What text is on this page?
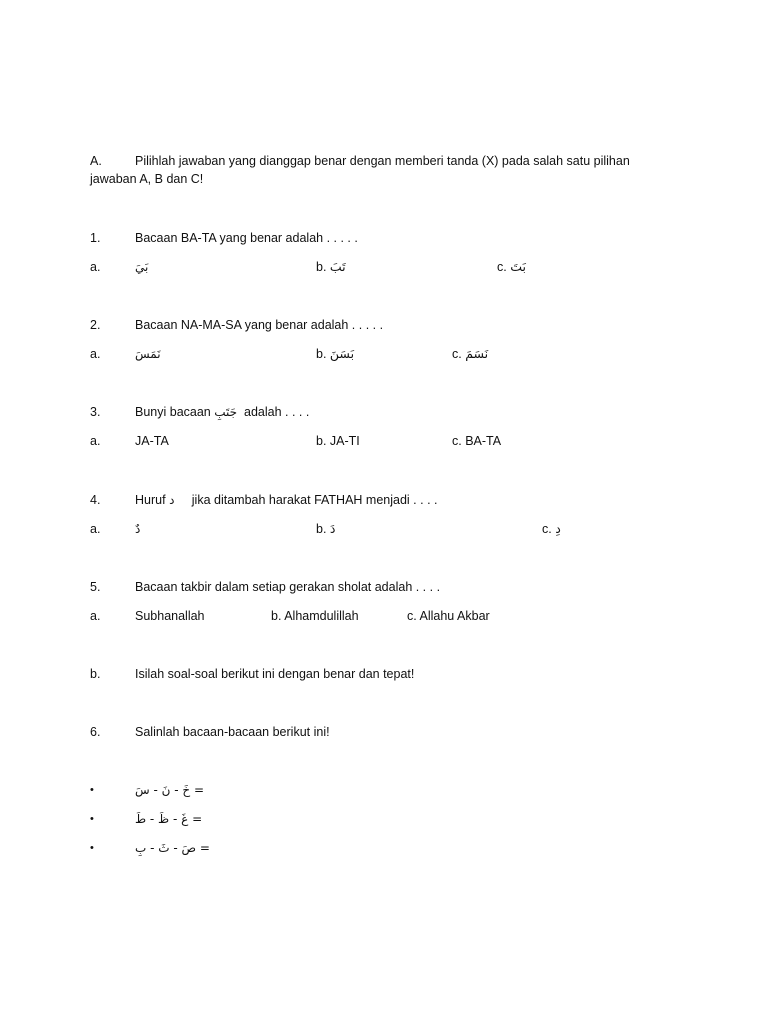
A.	Pilihlah jawaban yang dianggap benar dengan memberi tanda (X) pada salah satu pilihan jawaban A, B dan C!
1.	Bacaan BA-TA yang benar adalah . . . . .
a.	بَيَ	b. تَبَ	c. بَتَ
2.	Bacaan NA-MA-SA yang benar adalah . . . . .
a.	نَمَسَ	b. بَسَنَ	c. نَسَمَ
3.	Bunyi bacaan جَتَبِ adalah . . . .
a.	JA-TA	b. JA-TI	c. BA-TA
4.	Huruf د jika ditambah harakat FATHAH menjadi . . . .
a.	دٌ	b. دَ	c. دِ
5.	Bacaan takbir dalam setiap gerakan sholat adalah . . . .
a.	Subhanallah	b. Alhamdulillah	c. Allahu Akbar
b.	Isilah soal-soal berikut ini dengan benar dan tepat!
6.	Salinlah bacaan-bacaan berikut ini!
•	خَ - نَ - سَ =
•	غَ - ظَ - طَ =
•	صَ - ثَ - بِ =
